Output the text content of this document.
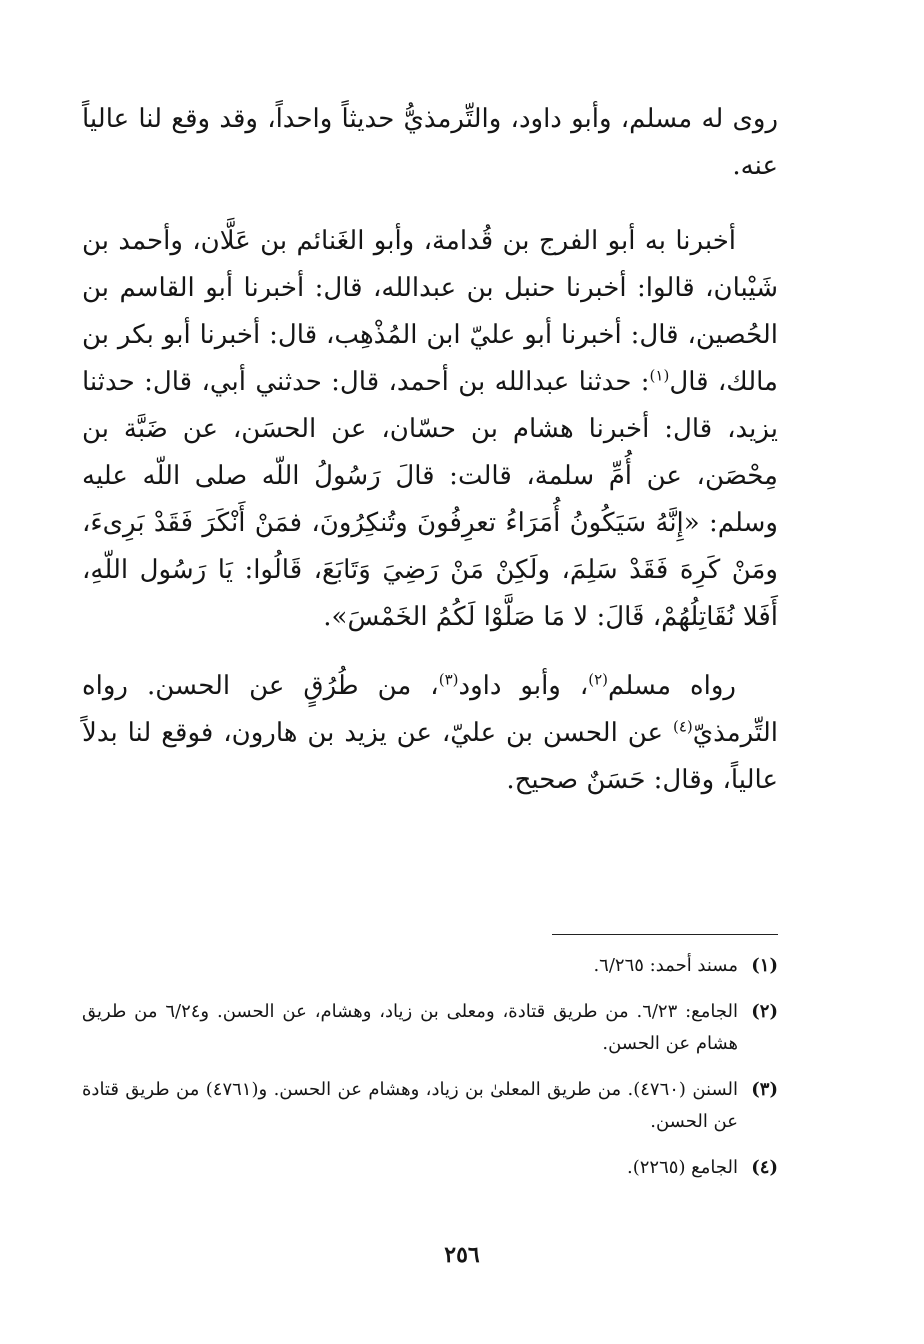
روى له مسلم، وأبو داود، والتِّرمذيُّ حديثاً واحداً، وقد وقع لنا عالياً عنه.

أخبرنا به أبو الفرج بن قُدامة، وأبو الغَنائم بن عَلَّان، وأحمد بن شَيْبان، قالوا: أخبرنا حنبل بن عبدالله، قال: أخبرنا أبو القاسم بن الحُصين، قال: أخبرنا أبو عليّ ابن المُذْهِب، قال: أخبرنا أبو بكر بن مالك، قال$^{(١)}$: حدثنا عبدالله بن أحمد، قال: حدثني أبي، قال: حدثنا يزيد، قال: أخبرنا هشام بن حسّان، عن الحسَن، عن ضَبَّة بن مِحْصَن، عن أُمِّ سلمة، قالت: قالَ رَسُولُ اللّه صلى اللّه عليه وسلم: «إِنَّهُ سَيَكُونُ أُمَرَاءُ تعرِفُونَ وتُنكِرُونَ، فمَنْ أَنْكَرَ فَقَدْ بَرِىءَ، ومَنْ كَرِهَ فَقَدْ سَلِمَ، ولَكِنْ مَنْ رَضِيَ وَتَابَعَ، قَالُوا: يَا رَسُول اللّهِ، أَفَلا نُقَاتِلُهُمْ، قَالَ: لا مَا صَلَّوْا لَكُمُ الخَمْسَ».

رواه مسلم$^{(٢)}$، وأبو داود$^{(٣)}$، من طُرُقٍ عن الحسن. رواه التِّرمذيّ$^{(٤)}$ عن الحسن بن عليّ، عن يزيد بن هارون، فوقع لنا بدلاً عالياً، وقال: حَسَنٌ صحيح.

(١)
مسند أحمد: ٦/٢٦٥.
(٢)
الجامع: ٦/٢٣. من طريق قتادة، ومعلى بن زياد، وهشام، عن الحسن. و٦/٢٤ من طريق هشام عن الحسن.
(٣)
السنن (٤٧٦٠). من طريق المعلىٰ بن زياد، وهشام عن الحسن. و(٤٧٦١) من طريق قتادة عن الحسن.
(٤)
الجامع (٢٢٦٥).
٢٥٦
